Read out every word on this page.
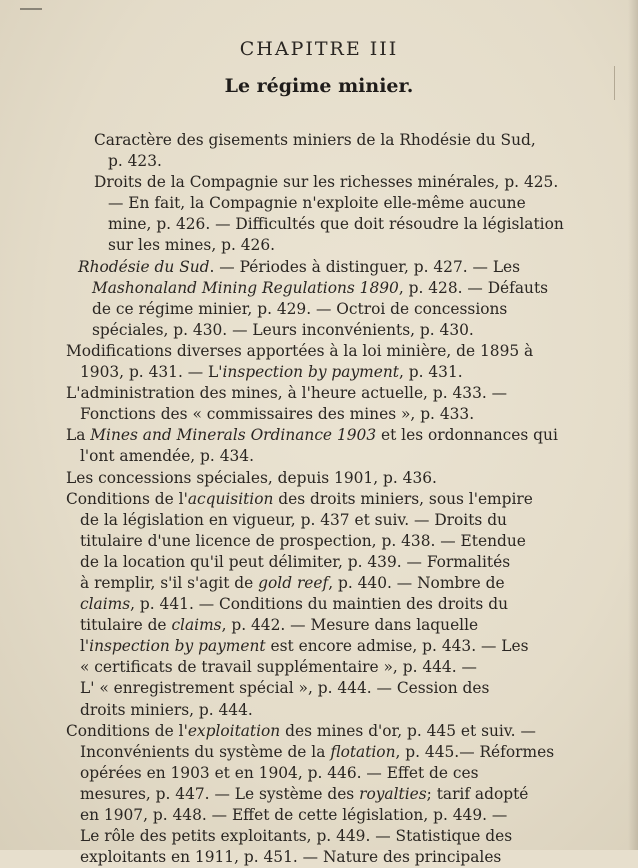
CHAPITRE III
Le régime minier.
Caractère des gisements miniers de la Rhodésie du Sud,
p. 423.
Droits de la Compagnie sur les richesses minérales, p. 425.
— En fait, la Compagnie n'exploite elle-même aucune
mine, p. 426. — Difficultés que doit résoudre la législation
sur les mines, p. 426.
Rhodésie du Sud. — Périodes à distinguer, p. 427. — Les
Mashonaland Mining Regulations 1890, p. 428. — Défauts
de ce régime minier, p. 429. — Octroi de concessions
spéciales, p. 430. — Leurs inconvénients, p. 430.
Modifications diverses apportées à la loi minière, de 1895 à
1903, p. 431. — L'inspection by payment, p. 431.
L'administration des mines, à l'heure actuelle, p. 433. —
Fonctions des « commissaires des mines », p. 433.
La Mines and Minerals Ordinance 1903 et les ordonnances qui
l'ont amendée, p. 434.
Les concessions spéciales, depuis 1901, p. 436.
Conditions de l'acquisition des droits miniers, sous l'empire
de la législation en vigueur, p. 437 et suiv. — Droits du
titulaire d'une licence de prospection, p. 438. — Etendue
de la location qu'il peut délimiter, p. 439. — Formalités
à remplir, s'il s'agit de gold reef, p. 440. — Nombre de
claims, p. 441. — Conditions du maintien des droits du
titulaire de claims, p. 442. — Mesure dans laquelle
l'inspection by payment est encore admise, p. 443. — Les
« certificats de travail supplémentaire », p. 444. —
L' « enregistrement spécial », p. 444. — Cession des
droits miniers, p. 444.
Conditions de l'exploitation des mines d'or, p. 445 et suiv. —
Inconvénients du système de la flotation, p. 445.— Réformes
opérées en 1903 et en 1904, p. 446. — Effet de ces
mesures, p. 447. — Le système des royalties; tarif adopté
en 1907, p. 448. — Effet de cette législation, p. 449. —
Le rôle des petits exploitants, p. 449. — Statistique des
exploitants en 1911, p. 451. — Nature des principales
